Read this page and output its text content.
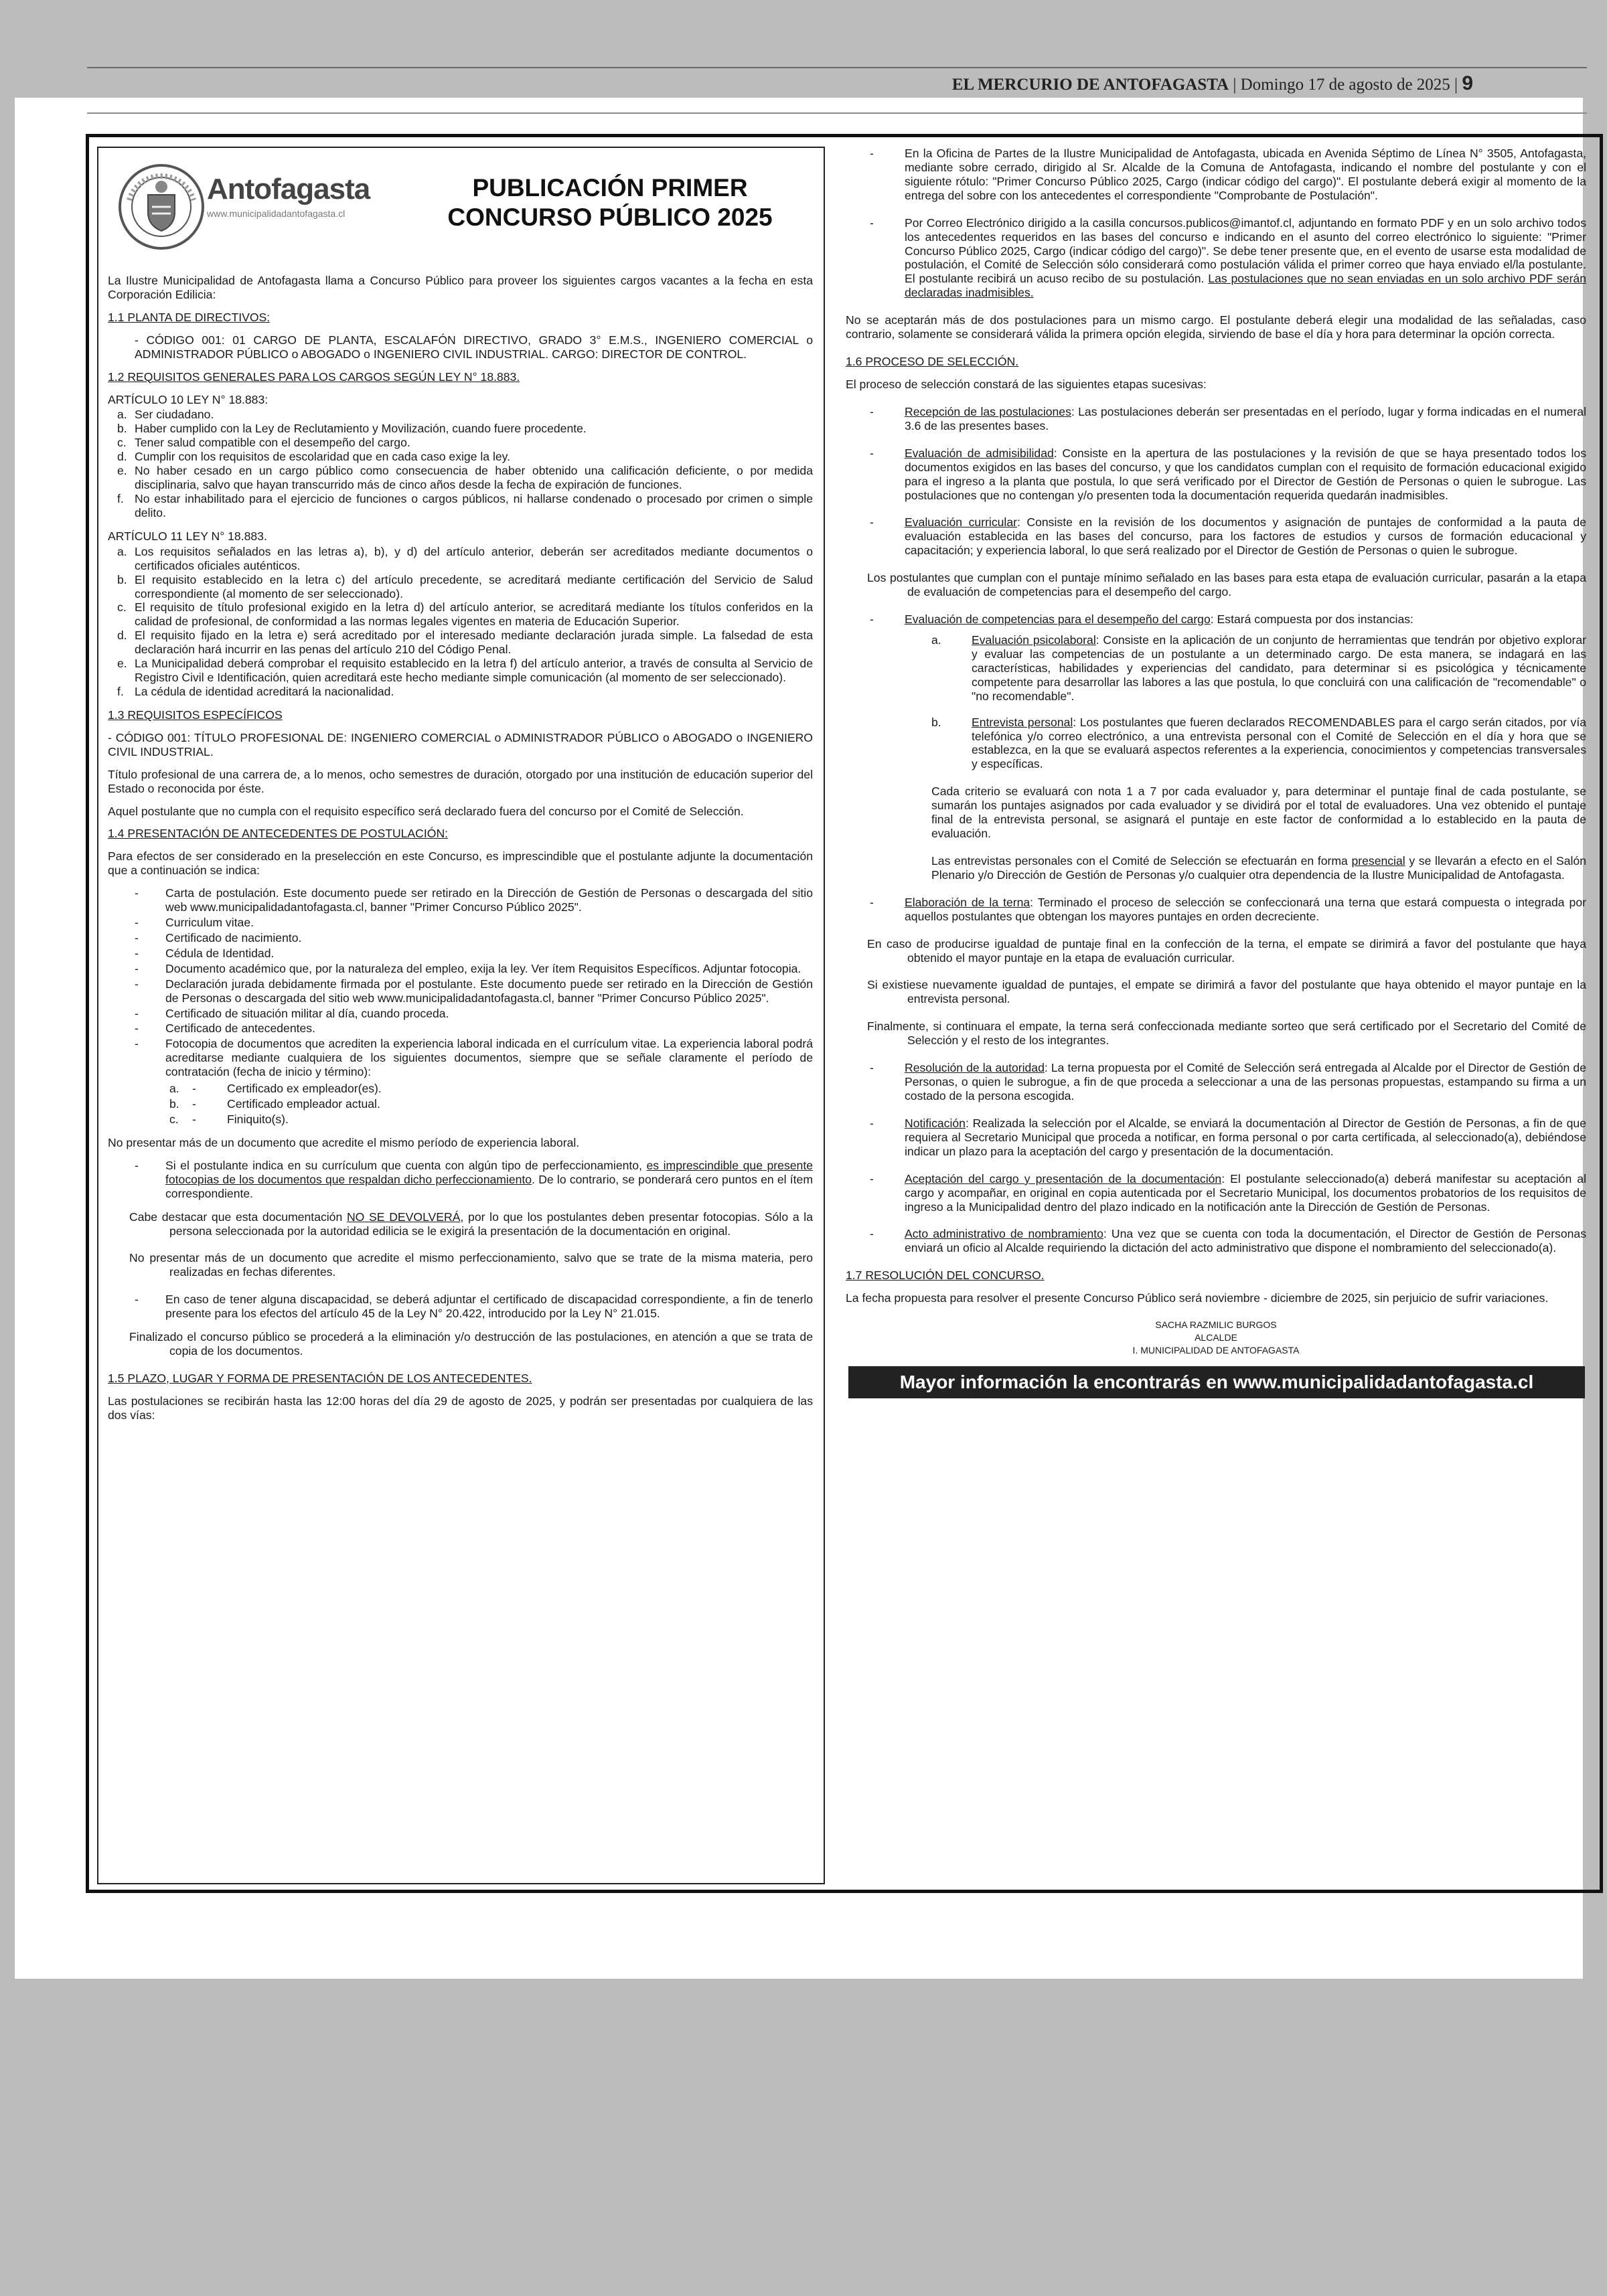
EL MERCURIO DE ANTOFAGASTA | Domingo 17 de agosto de 2025 | 9
Antofagasta
www.municipalidadantofagasta.cl
PUBLICACIÓN PRIMER
CONCURSO PÚBLICO 2025

La Ilustre Municipalidad de Antofagasta llama a Concurso Público para proveer los siguientes cargos vacantes a la fecha en esta Corporación Edilicia:

1.1 PLANTA DE DIRECTIVOS:

- CÓDIGO 001: 01 CARGO DE PLANTA, ESCALAFÓN DIRECTIVO, GRADO 3° E.M.S., INGENIERO COMERCIAL o ADMINISTRADOR PÚBLICO o ABOGADO o INGENIERO CIVIL INDUSTRIAL. CARGO: DIRECTOR DE CONTROL.

1.2 REQUISITOS GENERALES PARA LOS CARGOS SEGÚN LEY N° 18.883.

ARTÍCULO 10 LEY N° 18.883:

a. Ser ciudadano.
b. Haber cumplido con la Ley de Reclutamiento y Movilización, cuando fuere procedente.
c. Tener salud compatible con el desempeño del cargo.
d. Cumplir con los requisitos de escolaridad que en cada caso exige la ley.
e. No haber cesado en un cargo público como consecuencia de haber obtenido una calificación deficiente, o por medida disciplinaria, salvo que hayan transcurrido más de cinco años desde la fecha de expiración de funciones.
f. No estar inhabilitado para el ejercicio de funciones o cargos públicos, ni hallarse condenado o procesado por crimen o simple delito.

ARTÍCULO 11 LEY N° 18.883.

a. Los requisitos señalados en las letras a), b), y d) del artículo anterior, deberán ser acreditados mediante documentos o certificados oficiales auténticos.
b. El requisito establecido en la letra c) del artículo precedente, se acreditará mediante certificación del Servicio de Salud correspondiente (al momento de ser seleccionado).
c. El requisito de título profesional exigido en la letra d) del artículo anterior, se acreditará mediante los títulos conferidos en la calidad de profesional, de conformidad a las normas legales vigentes en materia de Educación Superior.
d. El requisito fijado en la letra e) será acreditado por el interesado mediante declaración jurada simple. La falsedad de esta declaración hará incurrir en las penas del artículo 210 del Código Penal.
e. La Municipalidad deberá comprobar el requisito establecido en la letra f) del artículo anterior, a través de consulta al Servicio de Registro Civil e Identificación, quien acreditará este hecho mediante simple comunicación (al momento de ser seleccionado).
f. La cédula de identidad acreditará la nacionalidad.

1.3 REQUISITOS ESPECÍFICOS

- CÓDIGO 001: TÍTULO PROFESIONAL DE: INGENIERO COMERCIAL o ADMINISTRADOR PÚBLICO o ABOGADO o INGENIERO CIVIL INDUSTRIAL.

Título profesional de una carrera de, a lo menos, ocho semestres de duración, otorgado por una institución de educación superior del Estado o reconocida por éste.

Aquel postulante que no cumpla con el requisito específico será declarado fuera del concurso por el Comité de Selección.

1.4 PRESENTACIÓN DE ANTECEDENTES DE POSTULACIÓN:

Para efectos de ser considerado en la preselección en este Concurso, es imprescindible que el postulante adjunte la documentación que a continuación se indica:

- Carta de postulación. Este documento puede ser retirado en la Dirección de Gestión de Personas o descargada del sitio web www.municipalidadantofagasta.cl, banner "Primer Concurso Público 2025".
- Curriculum vitae.
- Certificado de nacimiento.
- Cédula de Identidad.
- Documento académico que, por la naturaleza del empleo, exija la ley. Ver ítem Requisitos Específicos. Adjuntar fotocopia.
- Declaración jurada debidamente firmada por el postulante. Este documento puede ser retirado en la Dirección de Gestión de Personas o descargada del sitio web www.municipalidadantofagasta.cl, banner "Primer Concurso Público 2025".
- Certificado de situación militar al día, cuando proceda.
- Certificado de antecedentes.
- Fotocopia de documentos que acrediten la experiencia laboral indicada en el currículum vitae. La experiencia laboral podrá acreditarse mediante cualquiera de los siguientes documentos, siempre que se señale claramente el período de contratación (fecha de inicio y término):
- a.	Certificado ex empleador(es).
- b.	Certificado empleador actual.
- c.	Finiquito(s).

No presentar más de un documento que acredite el mismo período de experiencia laboral.

- Si el postulante indica en su currículum que cuenta con algún tipo de perfeccionamiento, es imprescindible que presente fotocopias de los documentos que respaldan dicho perfeccionamiento. De lo contrario, se ponderará cero puntos en el ítem correspondiente.

Cabe destacar que esta documentación NO SE DEVOLVERÁ, por lo que los postulantes deben presentar fotocopias. Sólo a la persona seleccionada por la autoridad edilicia se le exigirá la presentación de la documentación en original.

No presentar más de un documento que acredite el mismo perfeccionamiento, salvo que se trate de la misma materia, pero realizadas en fechas diferentes.

- En caso de tener alguna discapacidad, se deberá adjuntar el certificado de discapacidad correspondiente, a fin de tenerlo presente para los efectos del artículo 45 de la Ley N° 20.422, introducido por la Ley N° 21.015.

Finalizado el concurso público se procederá a la eliminación y/o destrucción de las postulaciones, en atención a que se trata de copia de los documentos.

1.5 PLAZO, LUGAR Y FORMA DE PRESENTACIÓN DE LOS ANTECEDENTES.

Las postulaciones se recibirán hasta las 12:00 horas del día 29 de agosto de 2025, y podrán ser presentadas por cualquiera de las dos vías:

- En la Oficina de Partes de la Ilustre Municipalidad de Antofagasta, ubicada en Avenida Séptimo de Línea N° 3505, Antofagasta, mediante sobre cerrado, dirigido al Sr. Alcalde de la Comuna de Antofagasta, indicando el nombre del postulante y con el siguiente rótulo: "Primer Concurso Público 2025, Cargo (indicar código del cargo)". El postulante deberá exigir al momento de la entrega del sobre con los antecedentes el correspondiente "Comprobante de Postulación".
- Por Correo Electrónico dirigido a la casilla concursos.publicos@imantof.cl, adjuntando en formato PDF y en un solo archivo todos los antecedentes requeridos en las bases del concurso e indicando en el asunto del correo electrónico lo siguiente: "Primer Concurso Público 2025, Cargo (indicar código del cargo)". Se debe tener presente que, en el evento de usarse esta modalidad de postulación, el Comité de Selección sólo considerará como postulación válida el primer correo que haya enviado el/la postulante. El postulante recibirá un acuso recibo de su postulación. Las postulaciones que no sean enviadas en un solo archivo PDF serán declaradas inadmisibles.

No se aceptarán más de dos postulaciones para un mismo cargo. El postulante deberá elegir una modalidad de las señaladas, caso contrario, solamente se considerará válida la primera opción elegida, sirviendo de base el día y hora para determinar la opción correcta.

1.6 PROCESO DE SELECCIÓN.

El proceso de selección constará de las siguientes etapas sucesivas:

- Recepción de las postulaciones: Las postulaciones deberán ser presentadas en el período, lugar y forma indicadas en el numeral 3.6 de las presentes bases.
- Evaluación de admisibilidad: Consiste en la apertura de las postulaciones y la revisión de que se haya presentado todos los documentos exigidos en las bases del concurso, y que los candidatos cumplan con el requisito de formación educacional exigido para el ingreso a la planta que postula, lo que será verificado por el Director de Gestión de Personas o quien le subrogue. Las postulaciones que no contengan y/o presenten toda la documentación requerida quedarán inadmisibles.
- Evaluación curricular: Consiste en la revisión de los documentos y asignación de puntajes de conformidad a la pauta de evaluación establecida en las bases del concurso, para los factores de estudios y cursos de formación educacional y capacitación; y experiencia laboral, lo que será realizado por el Director de Gestión de Personas o quien le subrogue.

Los postulantes que cumplan con el puntaje mínimo señalado en las bases para esta etapa de evaluación curricular, pasarán a la etapa de evaluación de competencias para el desempeño del cargo.

- Evaluación de competencias para el desempeño del cargo: Estará compuesta por dos instancias:
a.	Evaluación psicolaboral: Consiste en la aplicación de un conjunto de herramientas que tendrán por objetivo explorar y evaluar las competencias de un postulante a un determinado cargo. De esta manera, se indagará en las características, habilidades y experiencias del candidato, para determinar si es psicológica y técnicamente competente para desarrollar las labores a las que postula, lo que concluirá con una calificación de "recomendable" o "no recomendable".
b.	Entrevista personal: Los postulantes que fueren declarados RECOMENDABLES para el cargo serán citados, por vía telefónica y/o correo electrónico, a una entrevista personal con el Comité de Selección en el día y hora que se establezca, en la que se evaluará aspectos referentes a la experiencia, conocimientos y competencias transversales y específicas.

Cada criterio se evaluará con nota 1 a 7 por cada evaluador y, para determinar el puntaje final de cada postulante, se sumarán los puntajes asignados por cada evaluador y se dividirá por el total de evaluadores. Una vez obtenido el puntaje final de la entrevista personal, se asignará el puntaje en este factor de conformidad a lo establecido en la pauta de evaluación.

Las entrevistas personales con el Comité de Selección se efectuarán en forma presencial y se llevarán a efecto en el Salón Plenario y/o Dirección de Gestión de Personas y/o cualquier otra dependencia de la Ilustre Municipalidad de Antofagasta.

- Elaboración de la terna: Terminado el proceso de selección se confeccionará una terna que estará compuesta o integrada por aquellos postulantes que obtengan los mayores puntajes en orden decreciente.

En caso de producirse igualdad de puntaje final en la confección de la terna, el empate se dirimirá a favor del postulante que haya obtenido el mayor puntaje en la etapa de evaluación curricular.

Si existiese nuevamente igualdad de puntajes, el empate se dirimirá a favor del postulante que haya obtenido el mayor puntaje en la entrevista personal.

Finalmente, si continuara el empate, la terna será confeccionada mediante sorteo que será certificado por el Secretario del Comité de Selección y el resto de los integrantes.

- Resolución de la autoridad: La terna propuesta por el Comité de Selección será entregada al Alcalde por el Director de Gestión de Personas, o quien le subrogue, a fin de que proceda a seleccionar a una de las personas propuestas, estampando su firma a un costado de la persona escogida.
- Notificación: Realizada la selección por el Alcalde, se enviará la documentación al Director de Gestión de Personas, a fin de que requiera al Secretario Municipal que proceda a notificar, en forma personal o por carta certificada, al seleccionado(a), debiéndose indicar un plazo para la aceptación del cargo y presentación de la documentación.
- Aceptación del cargo y presentación de la documentación: El postulante seleccionado(a) deberá manifestar su aceptación al cargo y acompañar, en original en copia autenticada por el Secretario Municipal, los documentos probatorios de los requisitos de ingreso a la Municipalidad dentro del plazo indicado en la notificación ante la Dirección de Gestión de Personas.
- Acto administrativo de nombramiento: Una vez que se cuenta con toda la documentación, el Director de Gestión de Personas enviará un oficio al Alcalde requiriendo la dictación del acto administrativo que dispone el nombramiento del seleccionado(a).

1.7 RESOLUCIÓN DEL CONCURSO.

La fecha propuesta para resolver el presente Concurso Público será noviembre - diciembre de 2025, sin perjuicio de sufrir variaciones.

SACHA RAZMILIC BURGOS
ALCALDE
I. MUNICIPALIDAD DE ANTOFAGASTA
Mayor información la encontrarás en www.municipalidadantofagasta.cl
